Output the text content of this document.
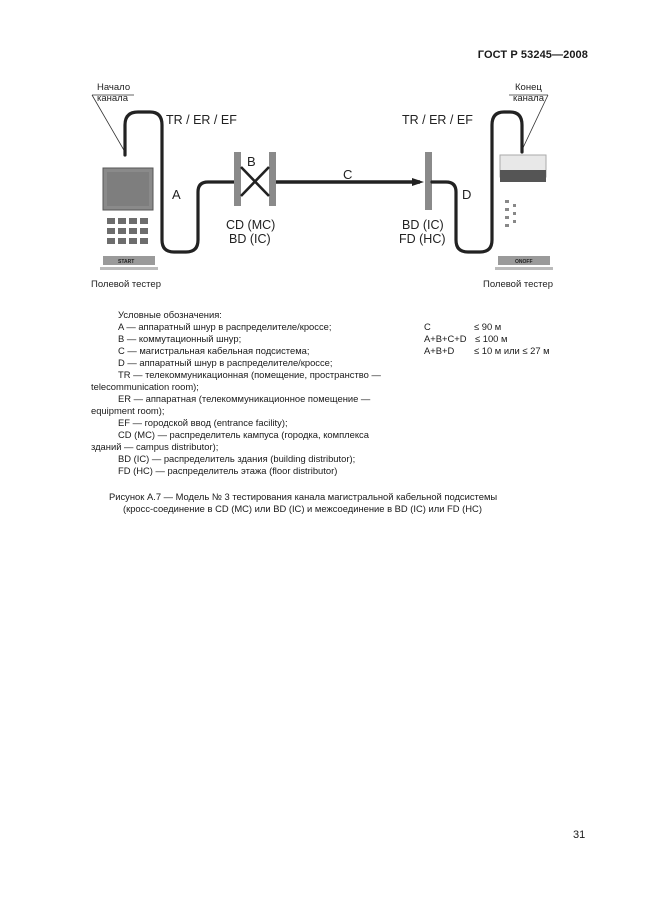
ГОСТ Р 53245—2008
Начало
канала
Конец
канала
START
Полевой тестер
ONOFF
Полевой тестер
TR / ER / EF	TR / ER / EF
A
B
C
D
CD (MC)
BD (IC)
BD (IC)
FD (HC)
Условные обозначения:
A — аппаратный шнур в распределителе/кроссе;
B — коммутационный шнур;
C — магистральная кабельная подсистема;
D — аппаратный шнур в распределителе/кроссе;
TR — телекоммуникационная (помещение, пространство —
telecommunication room);
ER — аппаратная (телекоммуникационное помещение —
equipment room);
EF — городской ввод (entrance facility);
CD (MC) — распределитель кампуса (городка, комплекса
зданий — campus distributor);
BD (IC) — распределитель здания (building distributor);
FD (HC) — распределитель этажа (floor distributor)
C	≤ 90 м
A+B+C+D ≤ 100 м
A+B+D ≤ 10 м или ≤ 27 м
Рисунок А.7 — Модель № 3 тестирования канала магистральной кабельной подсистемы
(кросс-соединение в CD (MC) или BD (IC) и межсоединение в BD (IC) или FD (HC)
31
